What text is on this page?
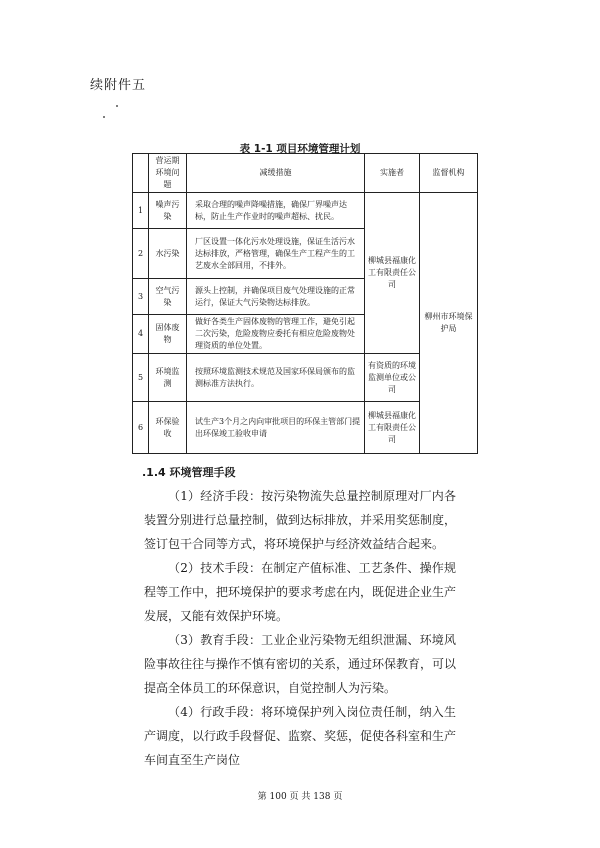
续附件五
表 1-1 项目环境管理计划
	营运期环境问题	减缓措施	实施者	监督机构
1	噪声污染	采取合理的噪声降噪措施，确保厂界噪声达标，防止生产作业时的噪声超标、扰民。	柳城县福康化工有限责任公司	柳州市环境保护局
2	水污染	厂区设置一体化污水处理设施，保证生活污水达标排放，严格管理，确保生产工程产生的工艺废水全部回用，不排外。		
3	空气污染	源头上控制，并确保项目废气处理设施的正常运行，保证大气污染物达标排放。		
4	固体废物	做好各类生产固体废物的管理工作，避免引起二次污染，危险废物应委托有相应危险废物处理资质的单位处置。		
5	环境监测	按照环境监测技术规范及国家环保局颁布的监测标准方法执行。	有资质的环境监测单位或公司	
6	环保验收	试生产3个月之内向审批项目的环保主管部门提出环保竣工验收申请	柳城县福康化工有限责任公司	
.1.4 环境管理手段

（1）经济手段：按污染物流失总量控制原理对厂内各装置分别进行总量控制，做到达标排放，并采用奖惩制度，签订包干合同等方式，将环境保护与经济效益结合起来。

（2）技术手段：在制定产值标准、工艺条件、操作规程等工作中，把环境保护的要求考虑在内，既促进企业生产发展，又能有效保护环境。

（3）教育手段：工业企业污染物无组织泄漏、环境风险事故往往与操作不慎有密切的关系，通过环保教育，可以提高全体员工的环保意识，自觉控制人为污染。

（4）行政手段：将环境保护列入岗位责任制，纳入生产调度，以行政手段督促、监察、奖惩，促使各科室和生产车间直至生产岗位

第 100 页 共 138 页
